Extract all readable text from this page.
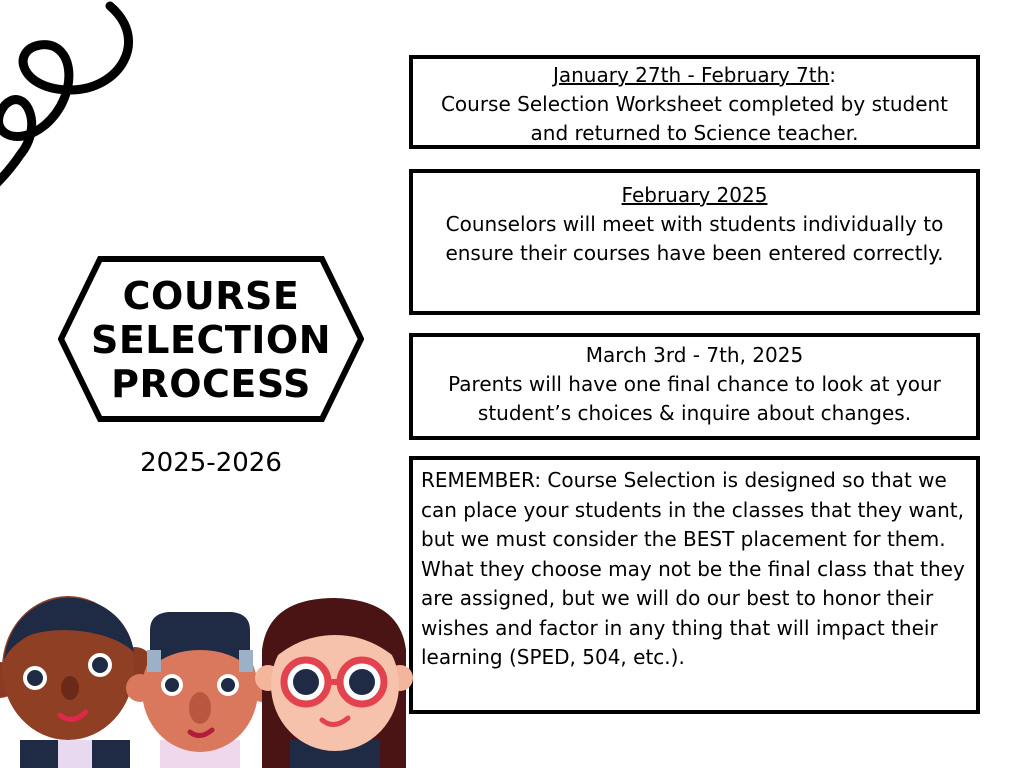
COURSE
SELECTION
PROCESS
2025-2026
January 27th - February 7th:
Course Selection Worksheet completed by student and returned to Science teacher.
February 2025
Counselors will meet with students individually to ensure their courses have been entered correctly.
March 3rd - 7th, 2025
Parents will have one final chance to look at your student’s choices & inquire about changes.
REMEMBER: Course Selection is designed so that we can place your students in the classes that they want, but we must consider the BEST placement for them. What they choose may not be the final class that they are assigned, but we will do our best to honor their wishes and factor in any thing that will impact their learning (SPED, 504, etc.).
